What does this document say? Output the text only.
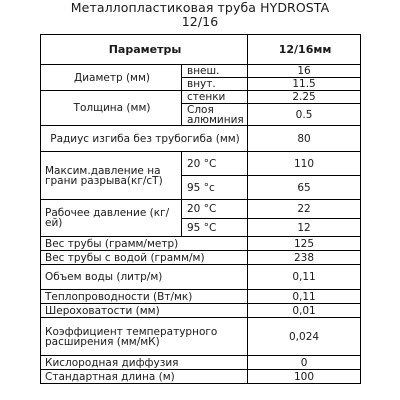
Металлопластиковая труба HYDROSTA
12/16
Параметры		12/16мм
Диаметр (мм)	внеш.	16
	внут.	11.5
Толщина (мм)	стенки	2.25
	Слоя алюминия	0.5
Радиус изгиба без трубогиба (мм)		80
Максим.давление на грани разрыва(кг/сT)	20 °C	110
	95 °c	65
Рабочее давление (кг/ей)	20 °C	22
	95 °C	12
Вес трубы (грамм/метр)		125
Вес трубы с водой (грамм/м)		238
Объем воды (литр/м)		0,11
Теплопроводности (Вт/мк)		0,11
Шероховатости (мм)		0,01
Коэффициент температурного расширения (мм/мК)		0,024
Кислородная диффузия		0
Стандартная длина (м)		100
